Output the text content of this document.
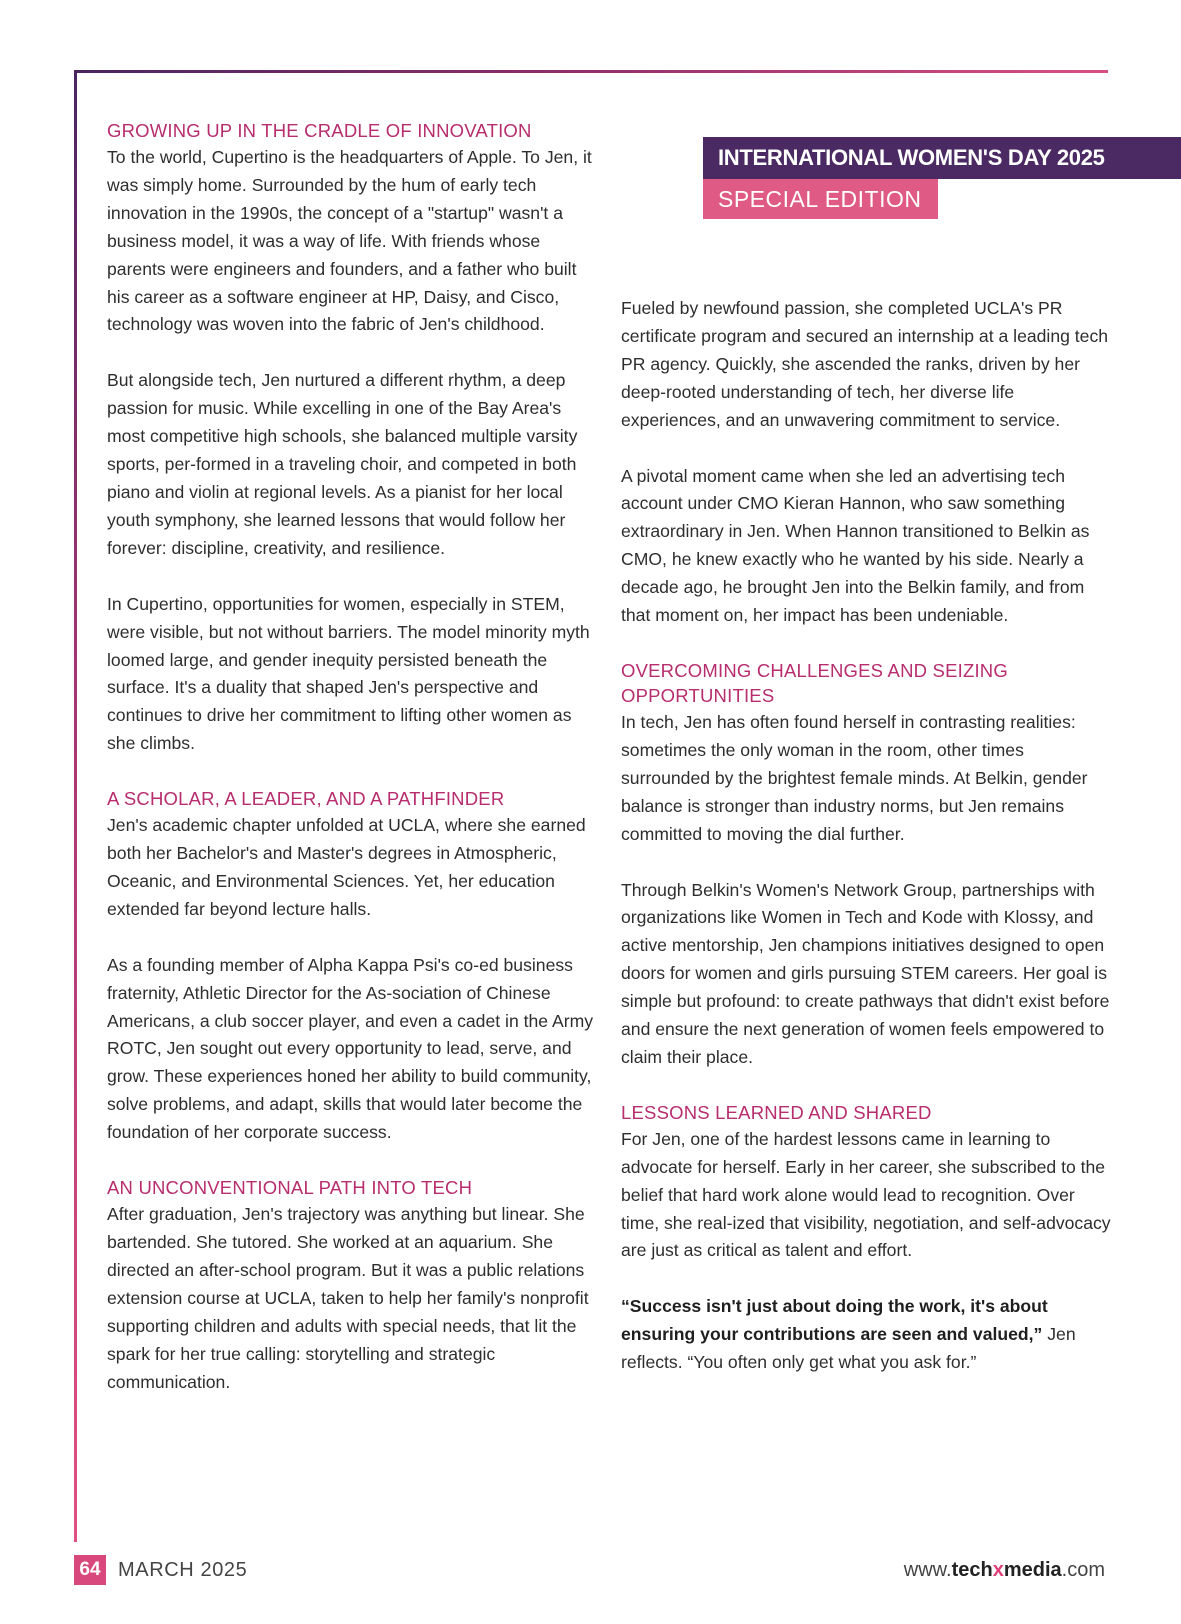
INTERNATIONAL WOMEN'S DAY 2025
SPECIAL EDITION
GROWING UP IN THE CRADLE OF INNOVATION

To the world, Cupertino is the headquarters of Apple. To Jen, it was simply home. Surrounded by the hum of early tech innovation in the 1990s, the concept of a "startup" wasn't a business model, it was a way of life. With friends whose parents were engineers and founders, and a father who built his career as a software engineer at HP, Daisy, and Cisco, technology was woven into the fabric of Jen's childhood.

But alongside tech, Jen nurtured a different rhythm, a deep passion for music. While excelling in one of the Bay Area's most competitive high schools, she balanced multiple varsity sports, per-formed in a traveling choir, and competed in both piano and violin at regional levels. As a pianist for her local youth symphony, she learned lessons that would follow her forever: discipline, creativity, and resilience.

In Cupertino, opportunities for women, especially in STEM, were visible, but not without barriers. The model minority myth loomed large, and gender inequity persisted beneath the surface. It's a duality that shaped Jen's perspective and continues to drive her commitment to lifting other women as she climbs.

A SCHOLAR, A LEADER, AND A PATHFINDER

Jen's academic chapter unfolded at UCLA, where she earned both her Bachelor's and Master's degrees in Atmospheric, Oceanic, and Environmental Sciences. Yet, her education extended far beyond lecture halls.

As a founding member of Alpha Kappa Psi's co-ed business fraternity, Athletic Director for the As-sociation of Chinese Americans, a club soccer player, and even a cadet in the Army ROTC, Jen sought out every opportunity to lead, serve, and grow. These experiences honed her ability to build community, solve problems, and adapt, skills that would later become the foundation of her corporate success.

AN UNCONVENTIONAL PATH INTO TECH

After graduation, Jen's trajectory was anything but linear. She bartended. She tutored. She worked at an aquarium. She directed an after-school program. But it was a public relations extension course at UCLA, taken to help her family's nonprofit supporting children and adults with special needs, that lit the spark for her true calling: storytelling and strategic communication.

Fueled by newfound passion, she completed UCLA's PR certificate program and secured an internship at a leading tech PR agency. Quickly, she ascended the ranks, driven by her deep-rooted understanding of tech, her diverse life experiences, and an unwavering commitment to service.

A pivotal moment came when she led an advertising tech account under CMO Kieran Hannon, who saw something extraordinary in Jen. When Hannon transitioned to Belkin as CMO, he knew exactly who he wanted by his side. Nearly a decade ago, he brought Jen into the Belkin family, and from that moment on, her impact has been undeniable.

OVERCOMING CHALLENGES AND SEIZING OPPORTUNITIES

In tech, Jen has often found herself in contrasting realities: sometimes the only woman in the room, other times surrounded by the brightest female minds. At Belkin, gender balance is stronger than industry norms, but Jen remains committed to moving the dial further.

Through Belkin's Women's Network Group, partnerships with organizations like Women in Tech and Kode with Klossy, and active mentorship, Jen champions initiatives designed to open doors for women and girls pursuing STEM careers. Her goal is simple but profound: to create pathways that didn't exist before and ensure the next generation of women feels empowered to claim their place.

LESSONS LEARNED AND SHARED

For Jen, one of the hardest lessons came in learning to advocate for herself. Early in her career, she subscribed to the belief that hard work alone would lead to recognition. Over time, she real-ized that visibility, negotiation, and self-advocacy are just as critical as talent and effort.

“Success isn't just about doing the work, it's about ensuring your contributions are seen and valued,” Jen reflects. “You often only get what you ask for.”

64 MARCH 2025	www.techxmedia.com
